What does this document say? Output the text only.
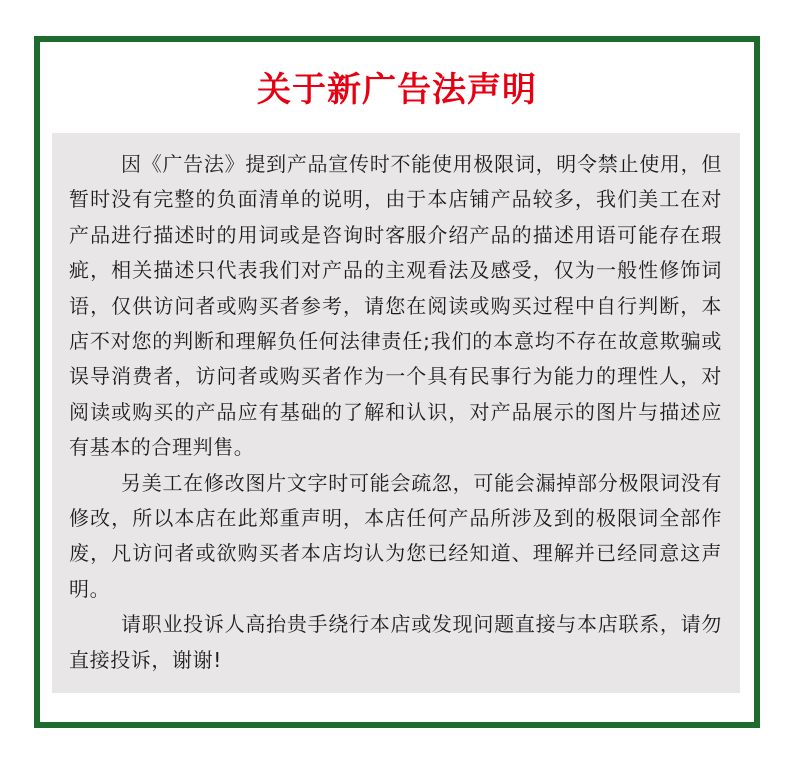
关于新广告法声明

因《广告法》提到产品宣传时不能使用极限词，明令禁止使用，但暂时没有完整的负面清单的说明，由于本店铺产品较多，我们美工在对产品进行描述时的用词或是咨询时客服介绍产品的描述用语可能存在瑕疵，相关描述只代表我们对产品的主观看法及感受，仅为一般性修饰词语，仅供访问者或购买者参考，请您在阅读或购买过程中自行判断，本店不对您的判断和理解负任何法律责任;我们的本意均不存在故意欺骗或误导消费者，访问者或购买者作为一个具有民事行为能力的理性人，对阅读或购买的产品应有基础的了解和认识，对产品展示的图片与描述应有基本的合理判售。

另美工在修改图片文字时可能会疏忽，可能会漏掉部分极限词没有修改，所以本店在此郑重声明，本店任何产品所涉及到的极限词全部作废，凡访问者或欲购买者本店均认为您已经知道、理解并已经同意这声明。

请职业投诉人高抬贵手绕行本店或发现问题直接与本店联系，请勿直接投诉，谢谢!
